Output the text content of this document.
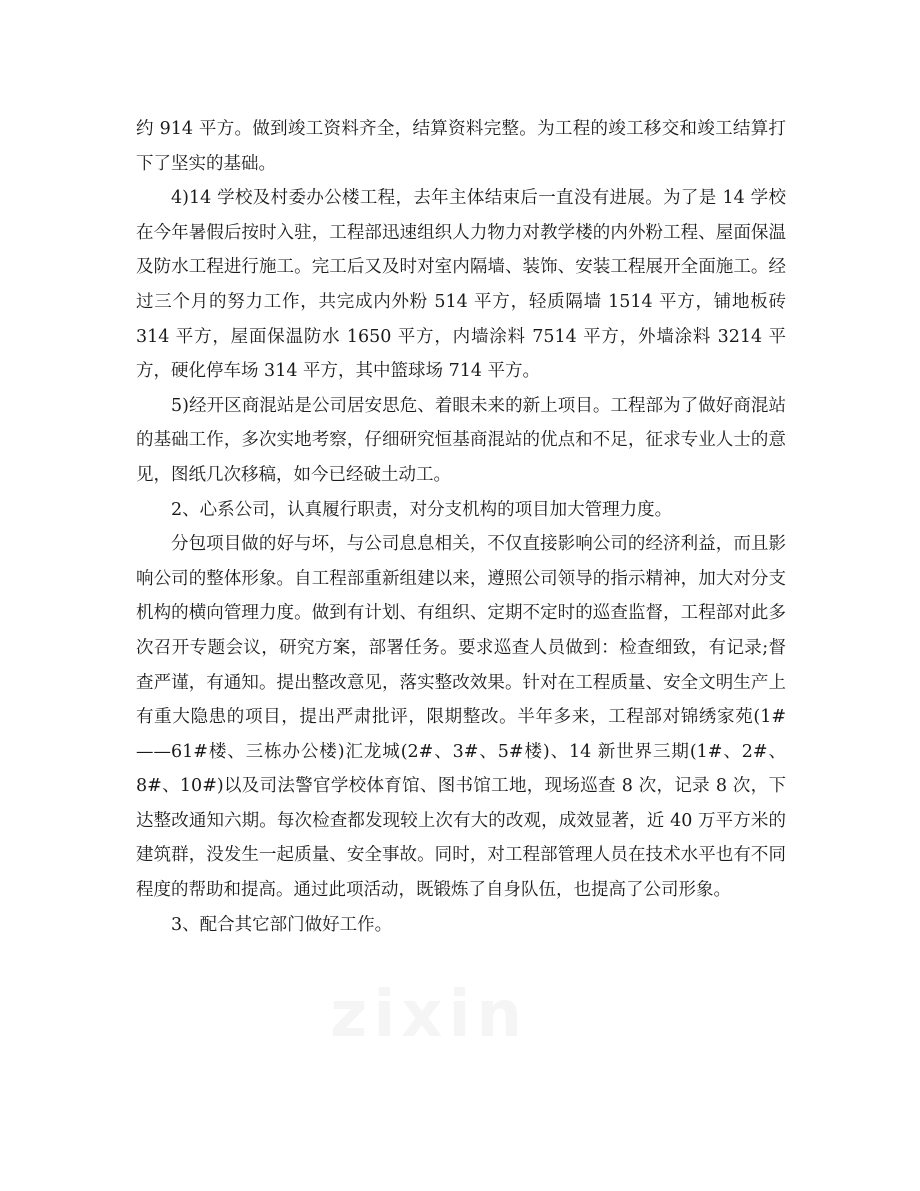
约 914 平方。做到竣工资料齐全，结算资料完整。为工程的竣工移交和竣工结算打下了坚实的基础。

4)14 学校及村委办公楼工程，去年主体结束后一直没有进展。为了是 14 学校在今年暑假后按时入驻，工程部迅速组织人力物力对教学楼的内外粉工程、屋面保温及防水工程进行施工。完工后又及时对室内隔墙、装饰、安装工程展开全面施工。经过三个月的努力工作，共完成内外粉 514 平方，轻质隔墙 1514 平方，铺地板砖 314 平方，屋面保温防水 1650 平方，内墙涂料 7514 平方，外墙涂料 3214 平方，硬化停车场 314 平方，其中篮球场 714 平方。

5)经开区商混站是公司居安思危、着眼未来的新上项目。工程部为了做好商混站的基础工作，多次实地考察，仔细研究恒基商混站的优点和不足，征求专业人士的意见，图纸几次移稿，如今已经破土动工。

2、心系公司，认真履行职责，对分支机构的项目加大管理力度。

分包项目做的好与坏，与公司息息相关，不仅直接影响公司的经济利益，而且影响公司的整体形象。自工程部重新组建以来，遵照公司领导的指示精神，加大对分支机构的横向管理力度。做到有计划、有组织、定期不定时的巡查监督，工程部对此多次召开专题会议，研究方案，部署任务。要求巡查人员做到：检查细致，有记录;督查严谨，有通知。提出整改意见，落实整改效果。针对在工程质量、安全文明生产上有重大隐患的项目，提出严肃批评，限期整改。半年多来，工程部对锦绣家苑(1#——61#楼、三栋办公楼)汇龙城(2#、3#、5#楼)、14 新世界三期(1#、2#、8#、10#)以及司法警官学校体育馆、图书馆工地，现场巡查 8 次，记录 8 次，下达整改通知六期。每次检查都发现较上次有大的改观，成效显著，近 40 万平方米的建筑群，没发生一起质量、安全事故。同时，对工程部管理人员在技术水平也有不同程度的帮助和提高。通过此项活动，既锻炼了自身队伍，也提高了公司形象。

3、配合其它部门做好工作。

zixin
